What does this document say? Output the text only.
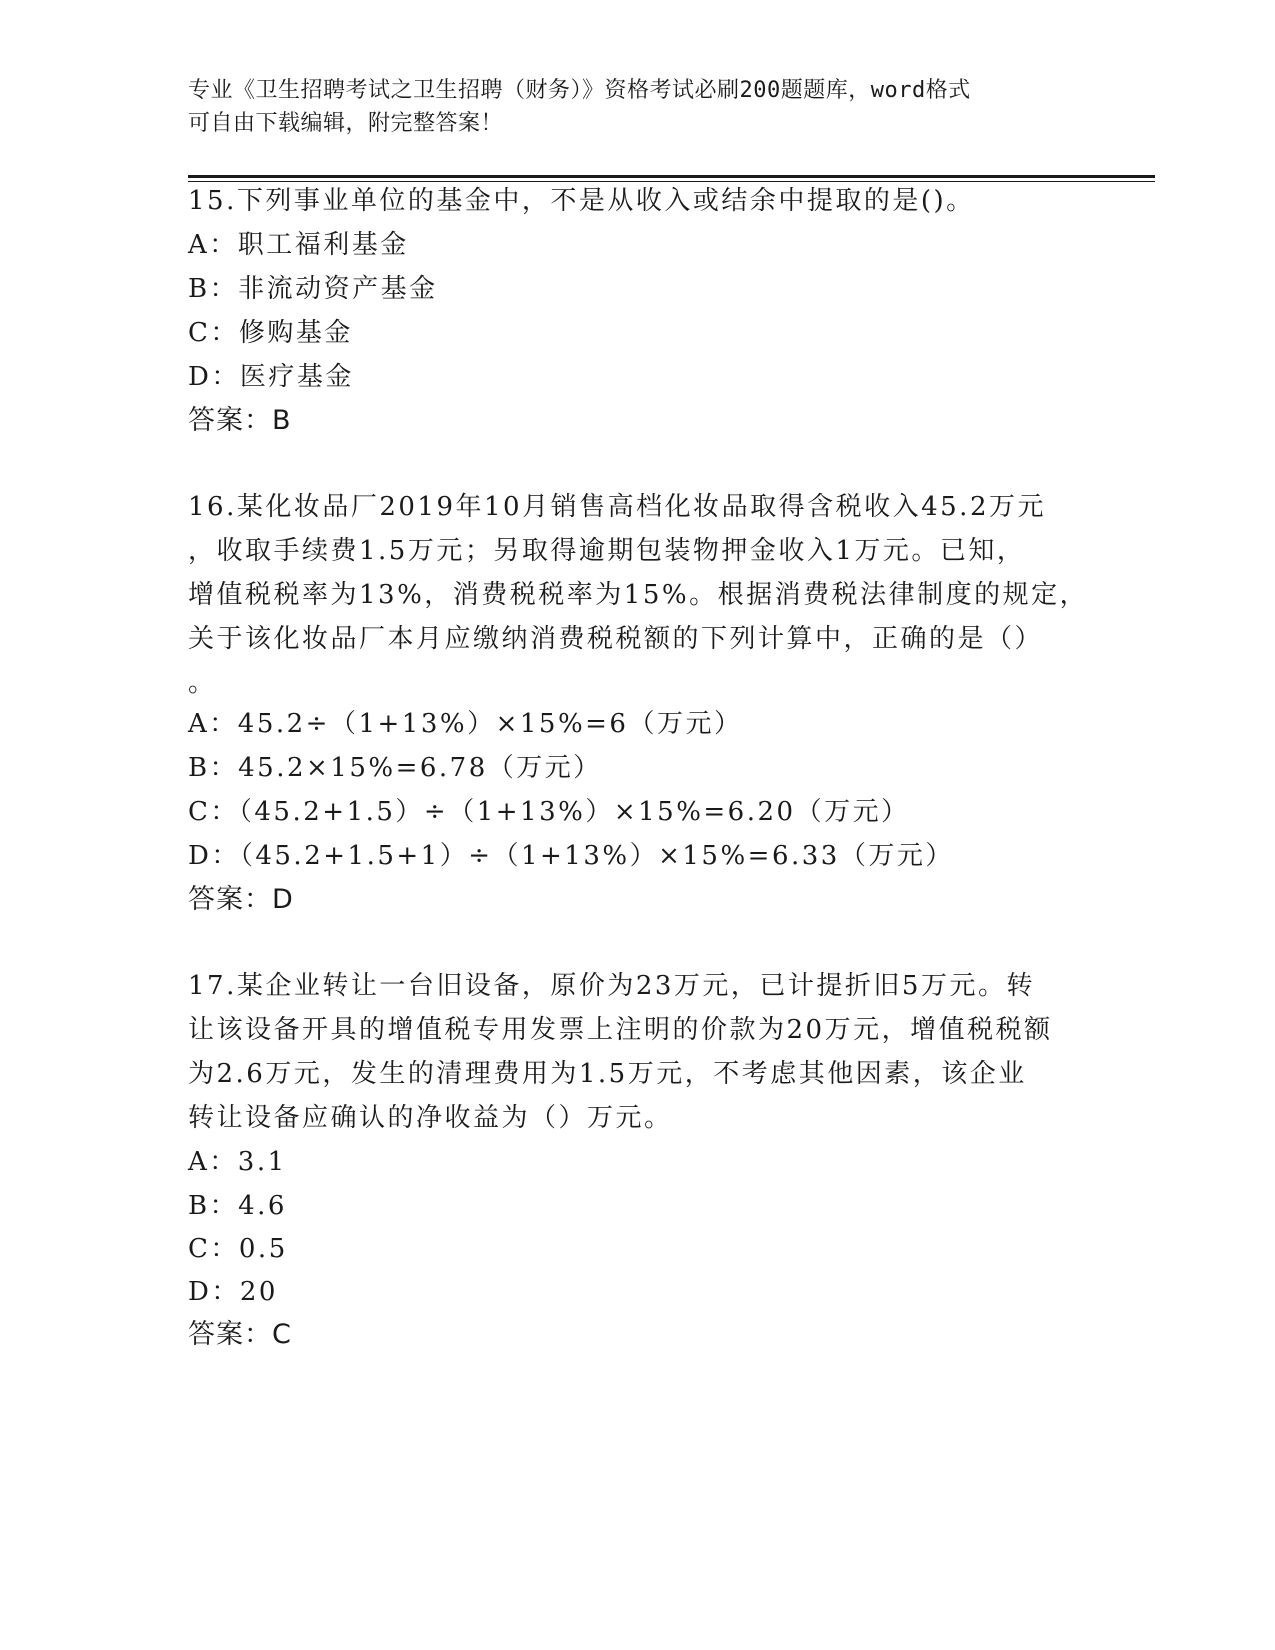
专业《卫生招聘考试之卫生招聘（财务）》资格考试必刷200题题库，word格式
可自由下载编辑，附完整答案！
15.下列事业单位的基金中，不是从收入或结余中提取的是()。
A：职工福利基金
B：非流动资产基金
C：修购基金
D：医疗基金
答案：B
16.某化妆品厂2019年10月销售高档化妆品取得含税收入45.2万元
，收取手续费1.5万元；另取得逾期包装物押金收入1万元。已知，
增值税税率为13%，消费税税率为15%。根据消费税法律制度的规定，
关于该化妆品厂本月应缴纳消费税税额的下列计算中，正确的是（）
。
A：45.2÷（1+13%）×15%=6（万元）
B：45.2×15%=6.78（万元）
C：（45.2+1.5）÷（1+13%）×15%=6.20（万元）
D：（45.2+1.5+1）÷（1+13%）×15%=6.33（万元）
答案：D
17.某企业转让一台旧设备，原价为23万元，已计提折旧5万元。转
让该设备开具的增值税专用发票上注明的价款为20万元，增值税税额
为2.6万元，发生的清理费用为1.5万元，不考虑其他因素，该企业
转让设备应确认的净收益为（）万元。
A：3.1
B：4.6
C：0.5
D：20
答案：C
